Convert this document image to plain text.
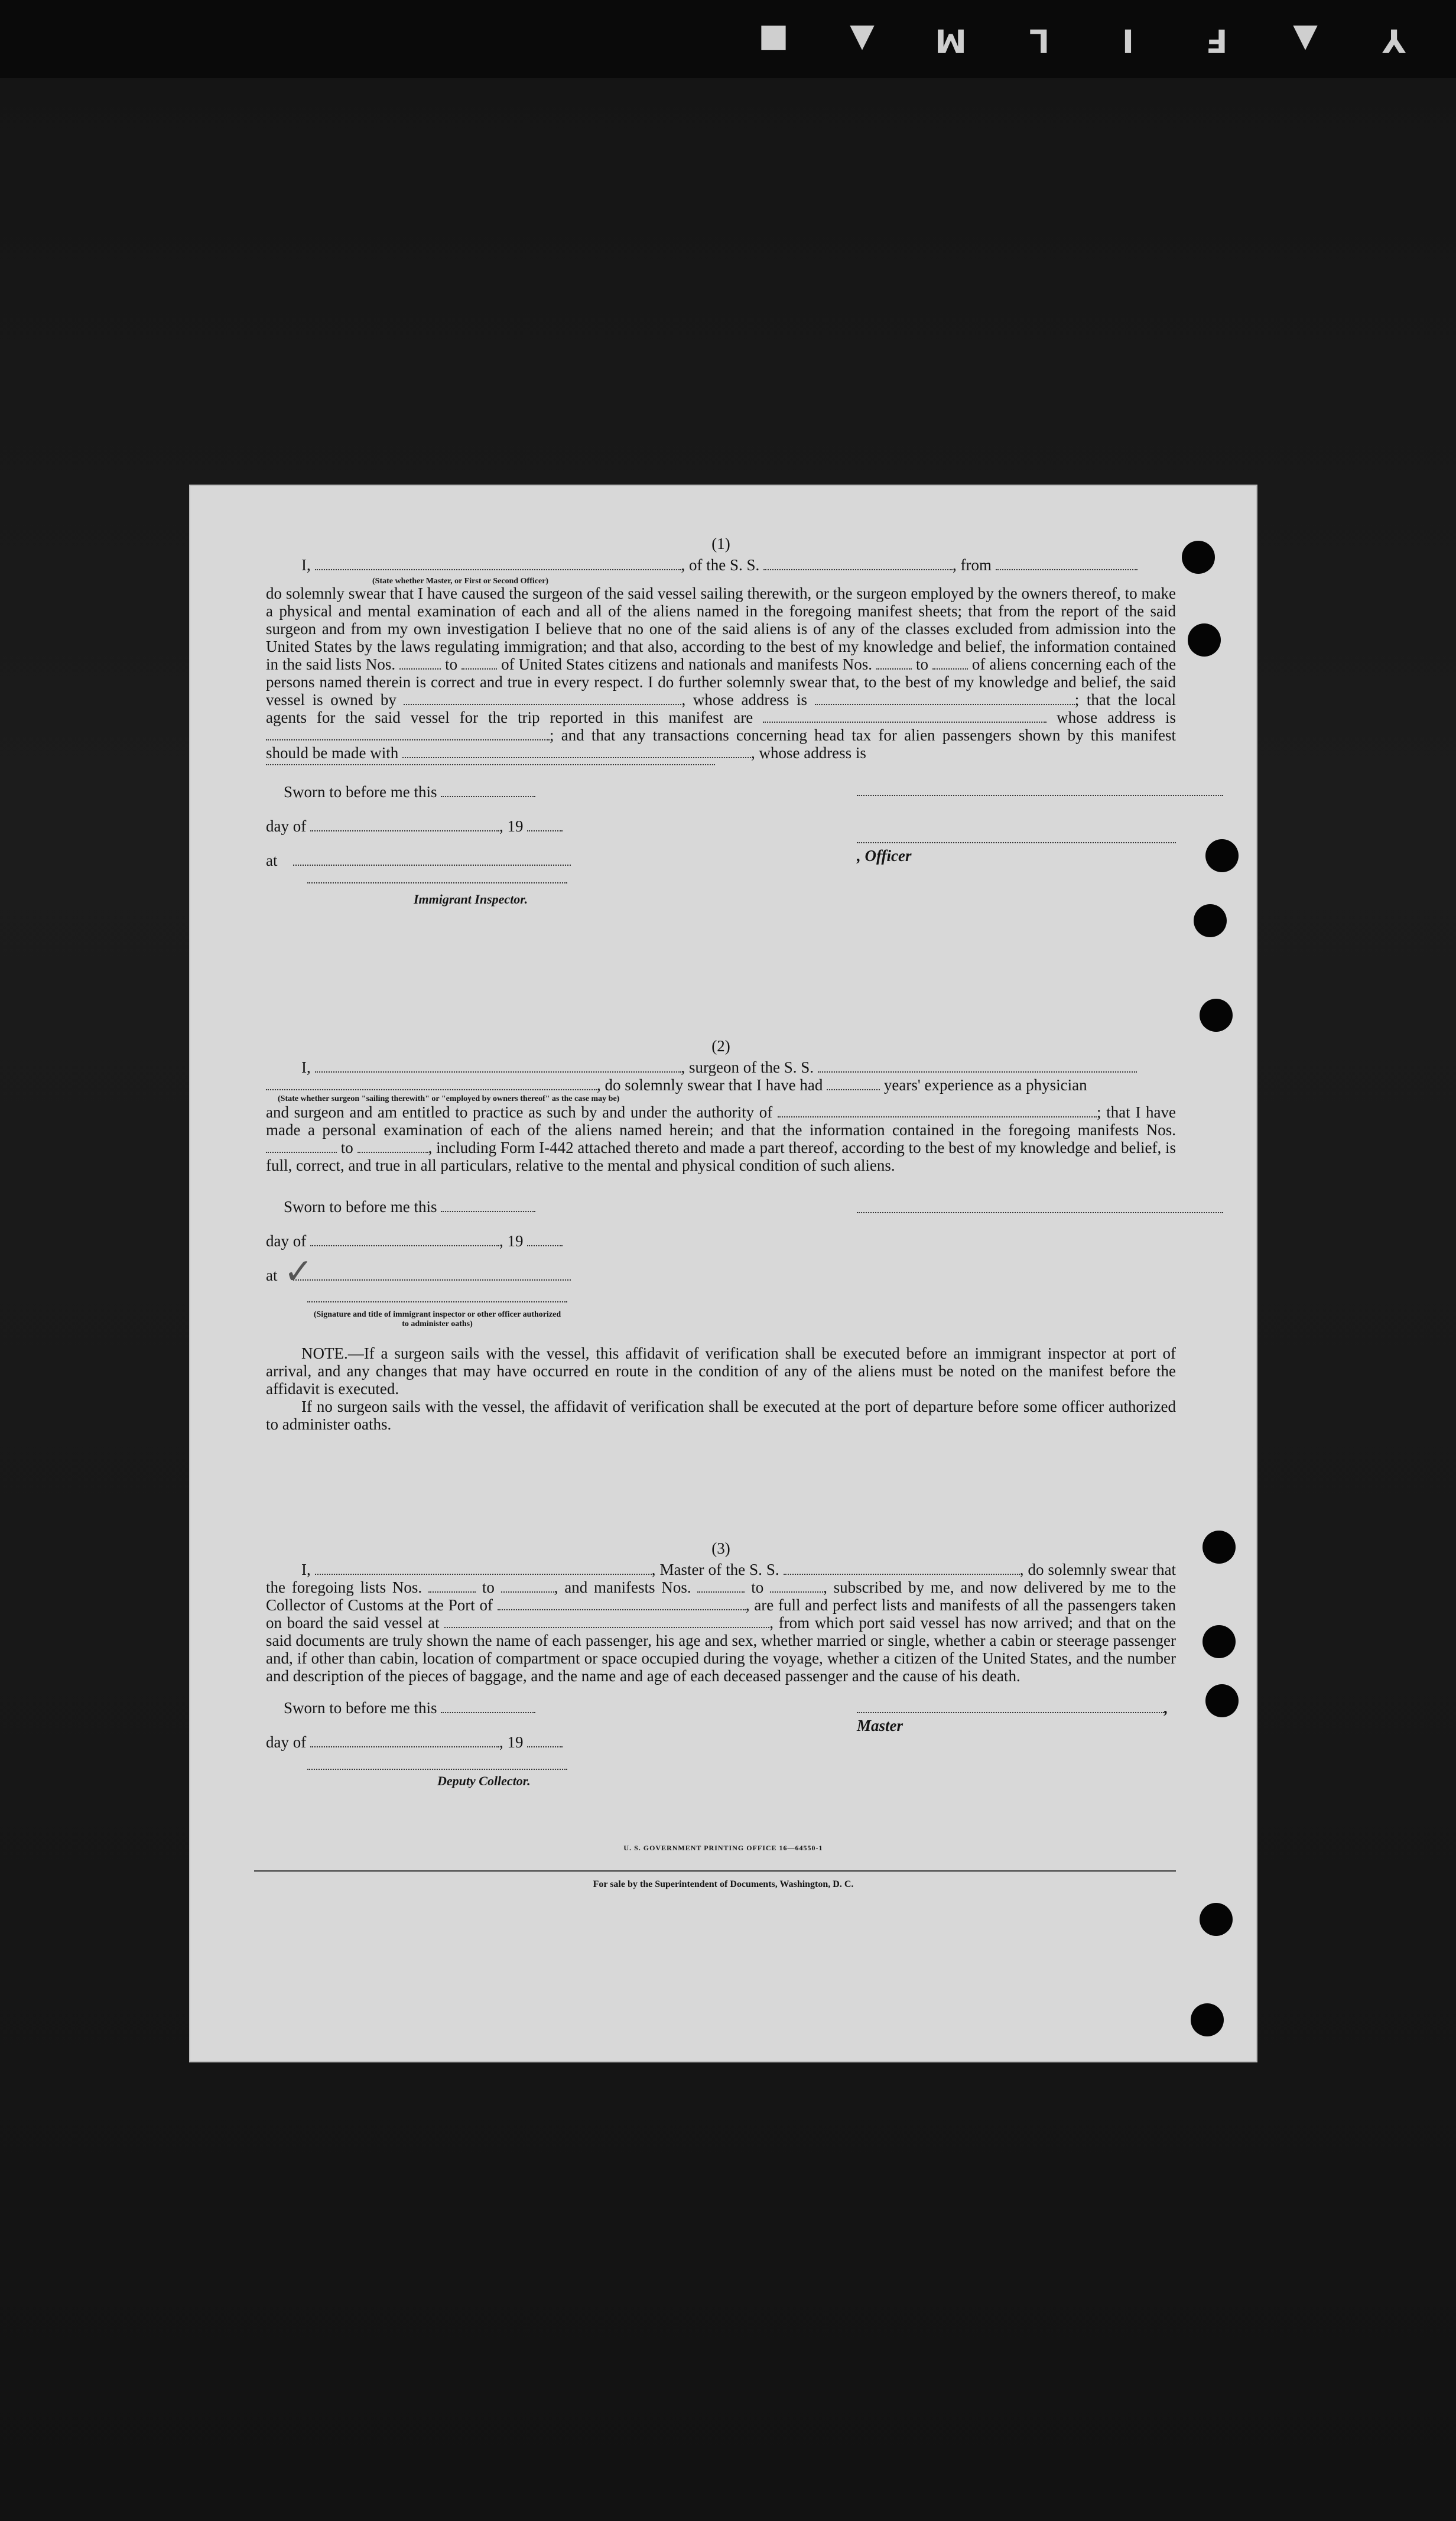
■	▲	M	L	I	F	▲	Y
(1)
I,	, of the S. S.	, from
(State whether Master, or First or Second Officer)
do solemnly swear that I have caused the surgeon of the said vessel sailing therewith, or the surgeon employed by the owners thereof, to make a physical and mental examination of each and all of the aliens named in the foregoing manifest sheets; that from the report of the said surgeon and from my own investigation I believe that no one of the said aliens is of any of the classes excluded from admission into the United States by the laws regulating immigration; and that also, according to the best of my knowledge and belief, the information contained in the said lists Nos.	to	of United States citizens and nationals and manifests Nos.	to	of aliens concerning each of the persons named therein is correct and true in every respect. I do further solemnly swear that, to the best of my knowledge and belief, the said vessel is owned by	, whose address is	; that the local agents for the said vessel for the trip reported in this manifest are	whose address is ; and that any transactions concerning head tax for alien passengers shown by this manifest should be made with	, whose address is
Sworn to before me this
day of	, 19
at
Immigrant Inspector.
, Officer
(2)
I,	, surgeon of the S. S.
, do solemnly swear that I have had	years' experience as a physician
(State whether surgeon "sailing therewith" or "employed by owners thereof" as the case may be)
and surgeon and am entitled to practice as such by and under the authority of	; that I have made a personal examination of each of the aliens named herein; and that the information contained in the foregoing manifests Nos.  to	, including Form I-442 attached thereto and made a part thereof, according to the best of my knowledge and belief, is full, correct, and true in all particulars, relative to the mental and physical condition of such aliens.
Sworn to before me this
day of	, 19
at ✓
(Signature and title of immigrant inspector or other officer authorized to administer oaths)
NOTE.—If a surgeon sails with the vessel, this affidavit of verification shall be executed before an immigrant inspector at port of arrival, and any changes that may have occurred en route in the condition of any of the aliens must be noted on the manifest before the affidavit is executed.
If no surgeon sails with the vessel, the affidavit of verification shall be executed at the port of departure before some officer authorized to administer oaths.
(3)
I,	, Master of the S. S.	, do solemnly swear that the foregoing lists Nos.	to	, and manifests Nos.	to	, subscribed by me, and now delivered by me to the Collector of Customs at the Port of	, are full and perfect lists and manifests of all the passengers taken on board the said vessel at	, from which port said vessel has now arrived; and that on the said documents are truly shown the name of each passenger, his age and sex, whether married or single, whether a cabin or steerage passenger and, if other than cabin, location of compartment or space occupied during the voyage, whether a citizen of the United States, and the number and description of the pieces of baggage, and the name and age of each deceased passenger and the cause of his death.
Sworn to before me this	, Master
day of	, 19
Deputy Collector.
U. S. GOVERNMENT PRINTING OFFICE 16—64550-1
For sale by the Superintendent of Documents, Washington, D. C.
